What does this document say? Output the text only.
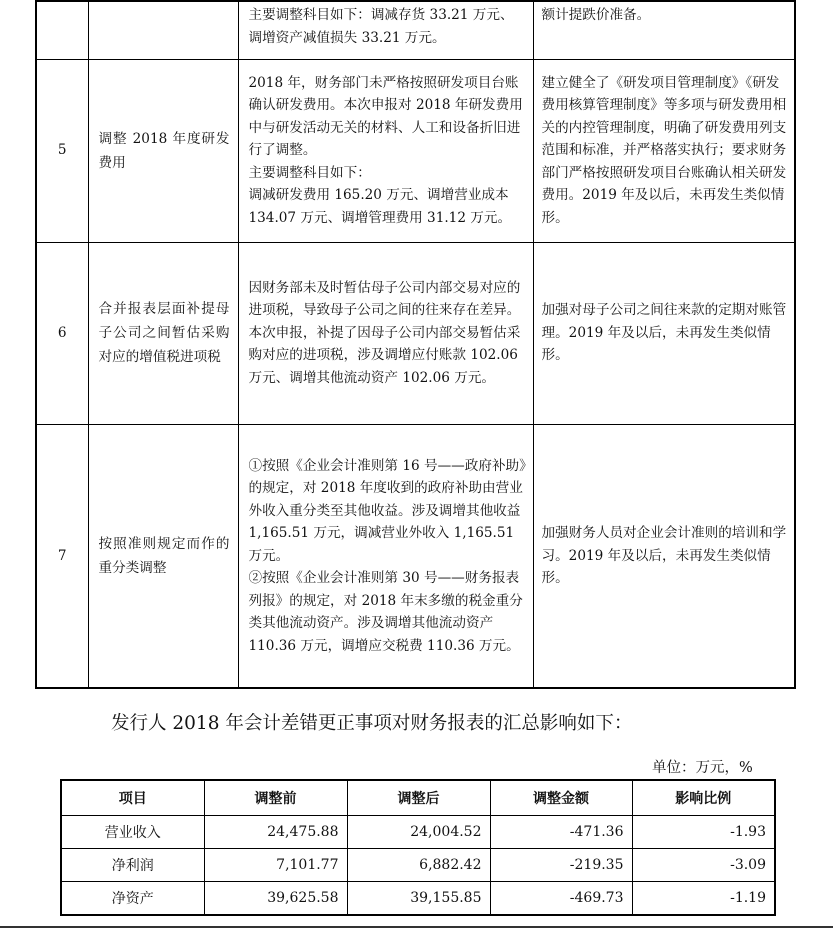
		主要调整科目如下：调减存货 33.21 万元、
调增资产减值损失 33.21 万元。	额计提跌价准备。

5	调整 2018 年度研发费用	2018 年，财务部门未严格按照研发项目台账确认研发费用。本次申报对 2018 年研发费用中与研发活动无关的材料、人工和设备折旧进行了调整。
主要调整科目如下：
调减研发费用 165.20 万元、调增营业成本 134.07 万元、调增管理费用 31.12 万元。	建立健全了《研发项目管理制度》《研发费用核算管理制度》等多项与研发费用相关的内控管理制度，明确了研发费用列支范围和标准，并严格落实执行；要求财务部门严格按照研发项目台账确认相关研发费用。2019 年及以后，未再发生类似情形。

6	合并报表层面补提母子公司之间暂估采购对应的增值税进项税	因财务部未及时暂估母子公司内部交易对应的进项税，导致母子公司之间的往来存在差异。
本次申报，补提了因母子公司内部交易暂估采购对应的进项税，涉及调增应付账款 102.06 万元、调增其他流动资产 102.06 万元。	加强对母子公司之间往来款的定期对账管理。2019 年及以后，未再发生类似情形。

7	按照准则规定而作的重分类调整	①按照《企业会计准则第 16 号——政府补助》的规定，对 2018 年度收到的政府补助由营业外收入重分类至其他收益。涉及调增其他收益 1,165.51 万元，调减营业外收入 1,165.51 万元。
②按照《企业会计准则第 30 号——财务报表列报》的规定，对 2018 年末多缴的税金重分类其他流动资产。涉及调增其他流动资产 110.36 万元，调增应交税费 110.36 万元。	加强财务人员对企业会计准则的培训和学习。2019 年及以后，未再发生类似情形。
发行人 2018 年会计差错更正事项对财务报表的汇总影响如下：
单位：万元，%
项目	调整前	调整后	调整金额	影响比例
营业收入	24,475.88	24,004.52	-471.36	-1.93
净利润	7,101.77	6,882.42	-219.35	-3.09
净资产	39,625.58	39,155.85	-469.73	-1.19
